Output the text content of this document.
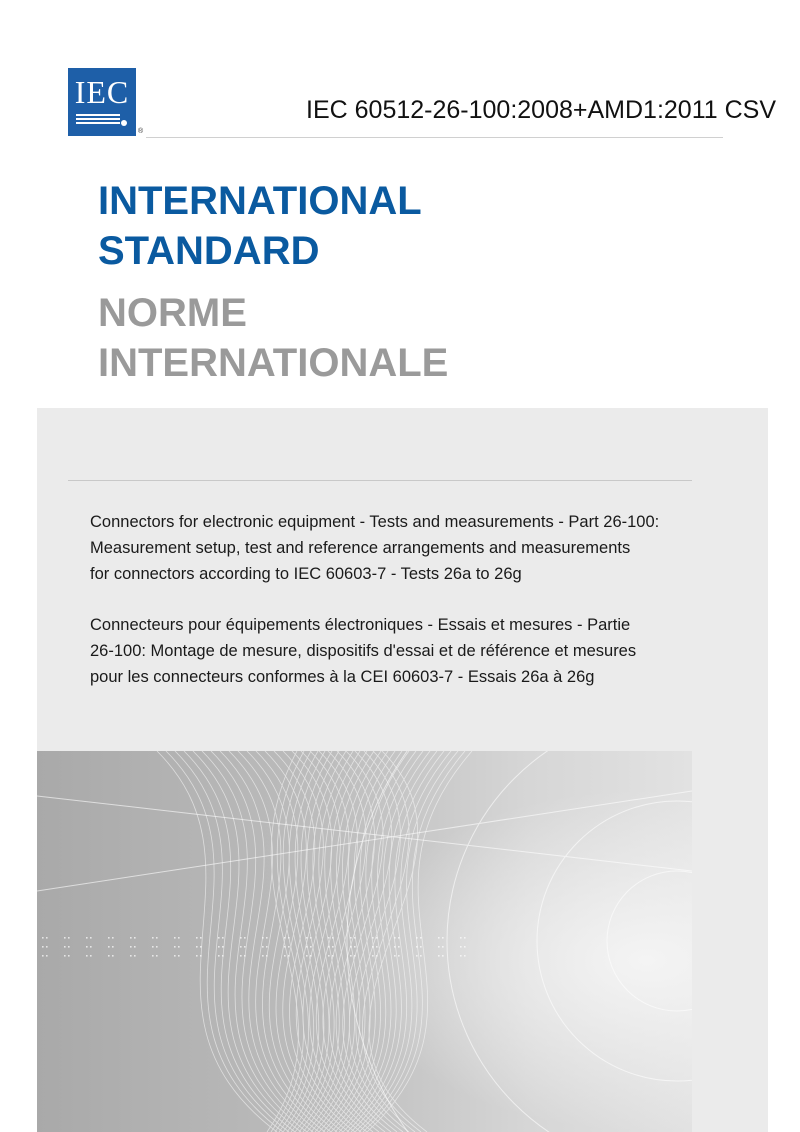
IEC
®
IEC 60512-26-100:2008+AMD1:2011 CSV
INTERNATIONAL
STANDARD
NORME
INTERNATIONALE
Connectors for electronic equipment - Tests and measurements - Part 26-100:
Measurement setup, test and reference arrangements and measurements
for connectors according to IEC 60603-7 - Tests 26a to 26g
Connecteurs pour équipements électroniques - Essais et mesures - Partie
26-100: Montage de mesure, dispositifs d'essai et de référence et mesures
pour les connecteurs conformes à la CEI 60603-7 - Essais 26a à 26g
